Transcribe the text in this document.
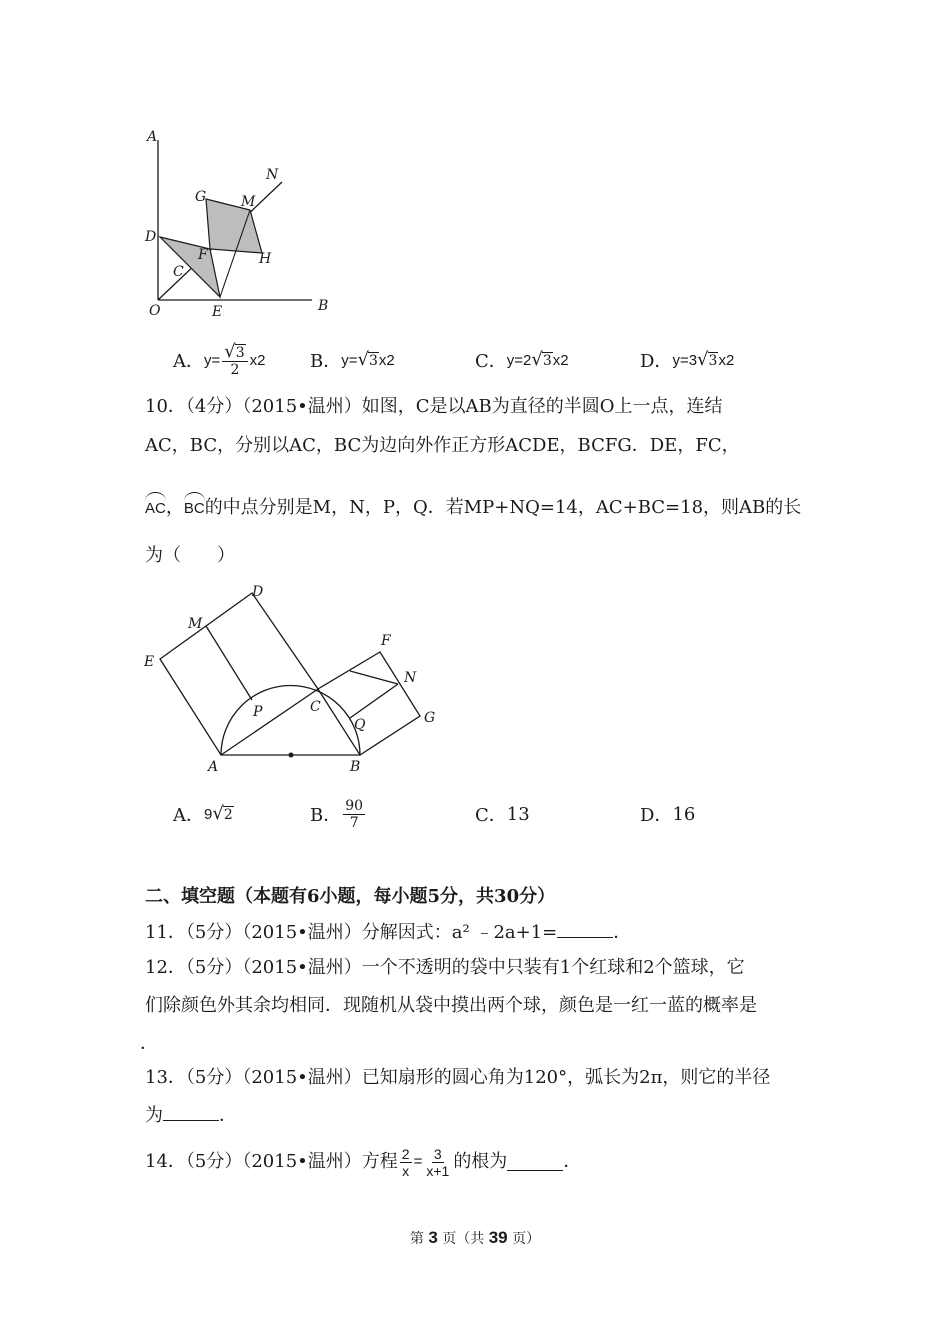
A
N
G M
D
F	H
C
O	E	B
A． $y= \frac{√ 3}{2}$ x 2 B． y= √ 3 x 2	C． y=2 √ 3 x 2	D． y=3 √ 3 x 2
10．（4分）（2015•温州）如图，C是以AB为直径的半圆O上一点，连结
AC，BC，分别以AC，BC为边向外作正方形ACDE，BCFG．DE，FC，
AC，BC的中点分别是M，N，P，Q．若MP+NQ=14，AC+BC=18，则AB的长
为（　　）
D
M
E
F
N
P	C
Q	G
A	B
A． 9 √ 2	B． $\frac{90}{7}$	C． 13	D． 16
二、填空题（本题有6小题，每小题5分，共30分）
11．（5分）（2015•温州）分解因式：a² ﹣2a+1=	．
12．（5分）（2015•温州）一个不透明的袋中只装有1个红球和2个篮球，它
们除颜色外其余均相同．现随机从袋中摸出两个球，颜色是一红一蓝的概率是
．
13．（5分）（2015•温州）已知扇形的圆心角为120°，弧长为2π，则它的半径
为	．
14．（5分）（2015•温州）方程 $\frac{2}{x} = \frac{3}{x+1}$ 的根为	．
第 3 页（共 39 页）
